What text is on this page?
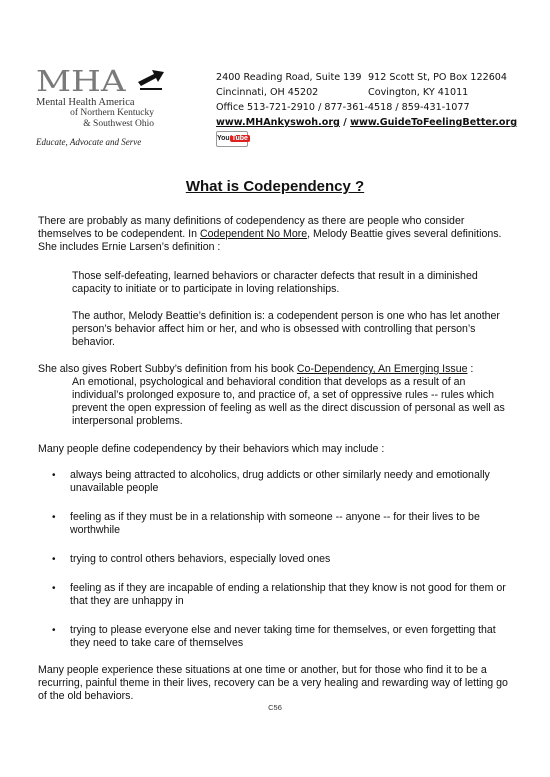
MHA
Mental Health America
of Northern Kentucky
& Southwest Ohio
Educate, Advocate and Serve
2400 Reading Road, Suite 139 912 Scott St, PO Box 122604
Cincinnati, OH 45202	Covington, KY 41011
Office 513-721-2910 / 877-361-4518 / 859-431-1077
www.MHAnkyswoh.org / www.GuideToFeelingBetter.org
You Tube
What is Codependency ?

There are probably as many definitions of codependency as there are people who consider themselves to be codependent. In Codependent No More, Melody Beattie gives several definitions. She includes Ernie Larsen’s definition :

Those self-defeating, learned behaviors or character defects that result in a diminished capacity to initiate or to participate in loving relationships.

The author, Melody Beattie’s definition is: a codependent person is one who has let another person’s behavior affect him or her, and who is obsessed with controlling that person’s behavior.

She also gives Robert Subby’s definition from his book Co-Dependency, An Emerging Issue :

An emotional, psychological and behavioral condition that develops as a result of an individual’s prolonged exposure to, and practice of, a set of oppressive rules -- rules which prevent the open expression of feeling as well as the direct discussion of personal as well as interpersonal problems.

Many people define codependency by their behaviors which may include :

• always being attracted to alcoholics, drug addicts or other similarly needy and emotionally unavailable people
• feeling as if they must be in a relationship with someone -- anyone -- for their lives to be worthwhile
• trying to control others behaviors, especially loved ones
• feeling as if they are incapable of ending a relationship that they know is not good for them or that they are unhappy in
• trying to please everyone else and never taking time for themselves, or even forgetting that they need to take care of themselves

Many people experience these situations at one time or another, but for those who find it to be a recurring, painful theme in their lives, recovery can be a very healing and rewarding way of letting go of the old behaviors.

C56
